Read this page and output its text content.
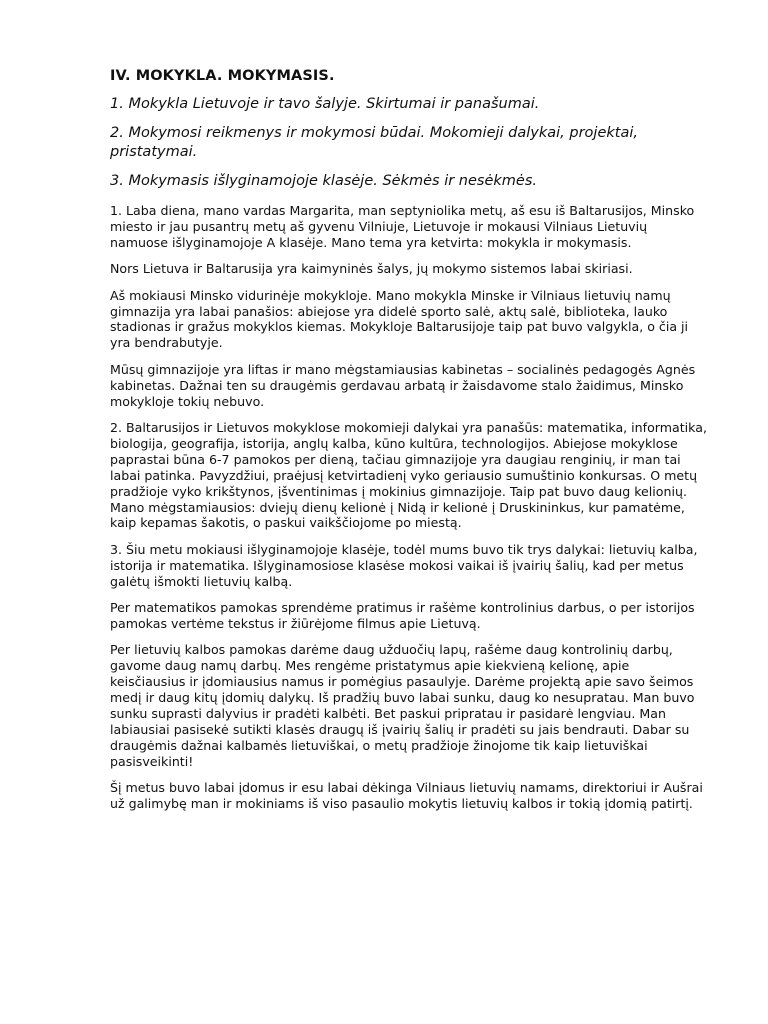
IV. MOKYKLA. MOKYMASIS.
1. Mokykla Lietuvoje ir tavo šalyje. Skirtumai ir panašumai.
2. Mokymosi reikmenys ir mokymosi būdai. Mokomieji dalykai, projektai, pristatymai.
3. Mokymasis išlyginamojoje klasėje. Sėkmės ir nesėkmės.

1. Laba diena, mano vardas Margarita, man septyniolika metų, aš esu iš Baltarusijos, Minsko miesto ir jau pusantrų metų aš gyvenu Vilniuje, Lietuvoje ir mokausi Vilniaus Lietuvių namuose išlyginamojoje A klasėje. Mano tema yra ketvirta: mokykla ir mokymasis.

Nors Lietuva ir Baltarusija yra kaimyninės šalys, jų mokymo sistemos labai skiriasi.

Aš mokiausi Minsko vidurinėje mokykloje. Mano mokykla Minske ir Vilniaus lietuvių namų gimnazija yra labai panašios: abiejose yra didelė sporto salė, aktų salė, biblioteka, lauko stadionas ir gražus mokyklos kiemas. Mokykloje Baltarusijoje taip pat buvo valgykla, o čia ji yra bendrabutyje.

Mūsų gimnazijoje yra liftas ir mano mėgstamiausias kabinetas – socialinės pedagogės Agnės kabinetas. Dažnai ten su draugėmis gerdavau arbatą ir žaisdavome stalo žaidimus, Minsko mokykloje tokių nebuvo.

2. Baltarusijos ir Lietuvos mokyklose mokomieji dalykai yra panašūs: matematika, informatika, biologija, geografija, istorija, anglų kalba, kūno kultūra, technologijos. Abiejose mokyklose paprastai būna 6-7 pamokos per dieną, tačiau gimnazijoje yra daugiau renginių, ir man tai labai patinka. Pavyzdžiui, praėjusį ketvirtadienį vyko geriausio sumuštinio konkursas. O metų pradžioje vyko krikštynos, įšventinimas į mokinius gimnazijoje. Taip pat buvo daug kelionių. Mano mėgstamiausios: dviejų dienų kelionė į Nidą ir kelionė į Druskininkus, kur pamatėme, kaip kepamas šakotis, o paskui vaikščiojome po miestą.

3. Šiu metu mokiausi išlyginamojoje klasėje, todėl mums buvo tik trys dalykai: lietuvių kalba, istorija ir matematika. Išlyginamosiose klasėse mokosi vaikai iš įvairių šalių, kad per metus galėtų išmokti lietuvių kalbą.

Per matematikos pamokas sprendėme pratimus ir rašėme kontrolinius darbus, o per istorijos pamokas vertėme tekstus ir žiūrėjome filmus apie Lietuvą.

Per lietuvių kalbos pamokas darėme daug užduočių lapų, rašėme daug kontrolinių darbų, gavome daug namų darbų. Mes rengėme pristatymus apie kiekvieną kelionę, apie keisčiausius ir įdomiausius namus ir pomėgius pasaulyje. Darėme projektą apie savo šeimos medį ir daug kitų įdomių dalykų. Iš pradžių buvo labai sunku, daug ko nesupratau. Man buvo sunku suprasti dalyvius ir pradėti kalbėti. Bet paskui pripratau ir pasidarė lengviau. Man labiausiai pasisekė sutikti klasės draugų iš įvairių šalių ir pradėti su jais bendrauti. Dabar su draugėmis dažnai kalbamės lietuviškai, o metų pradžioje žinojome tik kaip lietuviškai pasisveikinti!

Šį metus buvo labai įdomus ir esu labai dėkinga Vilniaus lietuvių namams, direktoriui ir Aušrai už galimybę man ir mokiniams iš viso pasaulio mokytis lietuvių kalbos ir tokią įdomią patirtį.
